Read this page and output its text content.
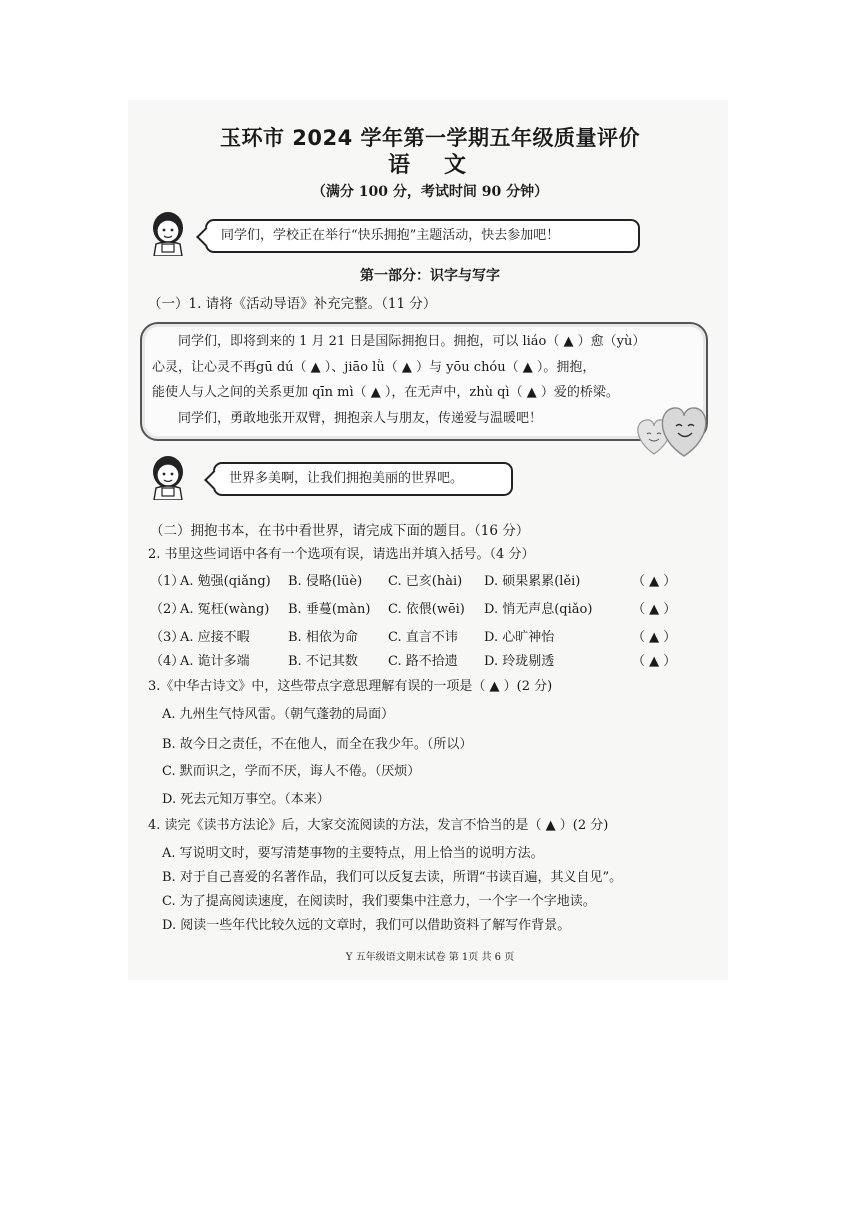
玉环市 2024 学年第一学期五年级质量评价
语　文
（满分 100 分，考试时间 90 分钟）
同学们，学校正在举行“快乐拥抱”主题活动，快去参加吧！
第一部分：识字与写字
（一）1. 请将《活动导语》补充完整。（11 分）
　　同学们，即将到来的 1 月 21 日是国际拥抱日。拥抱，可以 liáo（ ▲ ）愈（yù）
心灵，让心灵不再gū dú（ ▲ ）、jiāo lǜ（ ▲ ）与 yōu chóu（ ▲ ）。拥抱，
能使人与人之间的关系更加 qīn mì（ ▲ ），在无声中，zhù qì（ ▲ ）爱的桥梁。
　　同学们，勇敢地张开双臂，拥抱亲人与朋友，传递爱与温暖吧！
世界多美啊，让我们拥抱美丽的世界吧。
（二）拥抱书本，在书中看世界，请完成下面的题目。（16 分）
2. 书里这些词语中各有一个选项有误，请选出并填入括号。（4 分）
（1）A. 勉强(qiǎng) B. 侵略(lüè) C. 已亥(hài) D. 硕果累累(lěi)	（ ▲ ）
（2）A. 冤枉(wàng) B. 垂蔓(màn) C. 依偎(wēi) D. 悄无声息(qiǎo)	（ ▲ ）
（3）A. 应接不暇	B. 相依为命 C. 直言不讳 D. 心旷神怡	（ ▲ ）
（4）A. 诡计多端	B. 不记其数 C. 路不拾遗 D. 玲珑剔透	（ ▲ ）
3.《中华古诗文》中，这些带点字意思理解有误的一项是（ ▲ ）(2 分)
A. 九州生气恃风雷。（朝气蓬勃的局面）
B. 故今日之责任，不在他人，而全在我少年。（所以）
C. 默而识之，学而不厌，诲人不倦。（厌烦）
D. 死去元知万事空。（本来）
4. 读完《读书方法论》后，大家交流阅读的方法，发言不恰当的是（ ▲ ）(2 分)
A. 写说明文时，要写清楚事物的主要特点，用上恰当的说明方法。
B. 对于自己喜爱的名著作品，我们可以反复去读，所谓“书读百遍，其义自见”。
C. 为了提高阅读速度，在阅读时，我们要集中注意力，一个字一个字地读。
D. 阅读一些年代比较久远的文章时，我们可以借助资料了解写作背景。
Y 五年级语文期末试卷 第 1页 共 6 页
